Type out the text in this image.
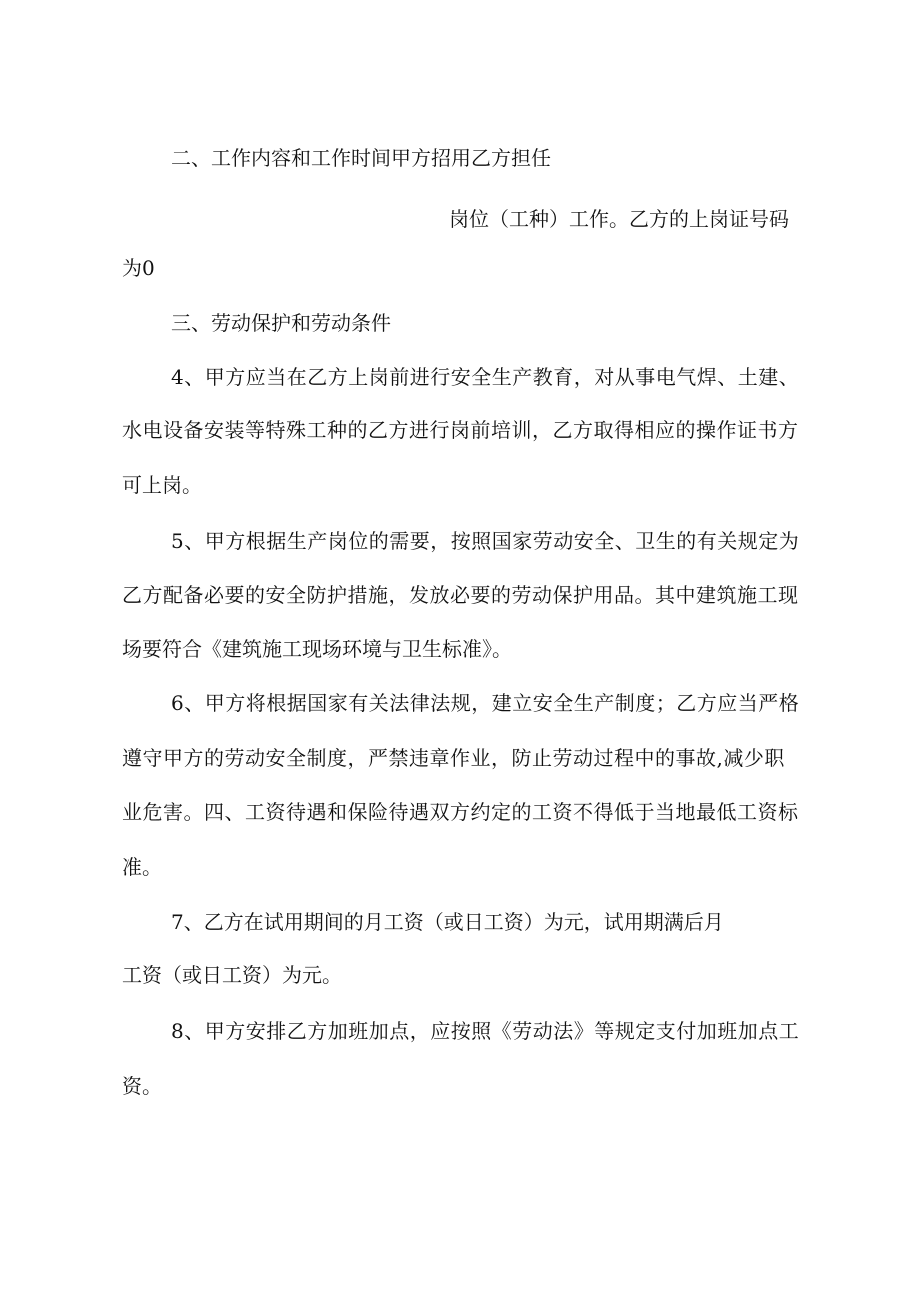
二、工作内容和工作时间甲方招用乙方担任

岗位（工种）工作。乙方的上岗证号码

为0

三、劳动保护和劳动条件

4、甲方应当在乙方上岗前进行安全生产教育，对从事电气焊、土建、

水电设备安装等特殊工种的乙方进行岗前培训，乙方取得相应的操作证书方

可上岗。

5、甲方根据生产岗位的需要，按照国家劳动安全、卫生的有关规定为

乙方配备必要的安全防护措施，发放必要的劳动保护用品。其中建筑施工现

场要符合《建筑施工现场环境与卫生标准》。

6、甲方将根据国家有关法律法规，建立安全生产制度；乙方应当严格

遵守甲方的劳动安全制度，严禁违章作业，防止劳动过程中的事故,减少职

业危害。四、工资待遇和保险待遇双方约定的工资不得低于当地最低工资标

准。

7、乙方在试用期间的月工资（或日工资）为元，试用期满后月

工资（或日工资）为元。

8、甲方安排乙方加班加点，应按照《劳动法》等规定支付加班加点工

资。
